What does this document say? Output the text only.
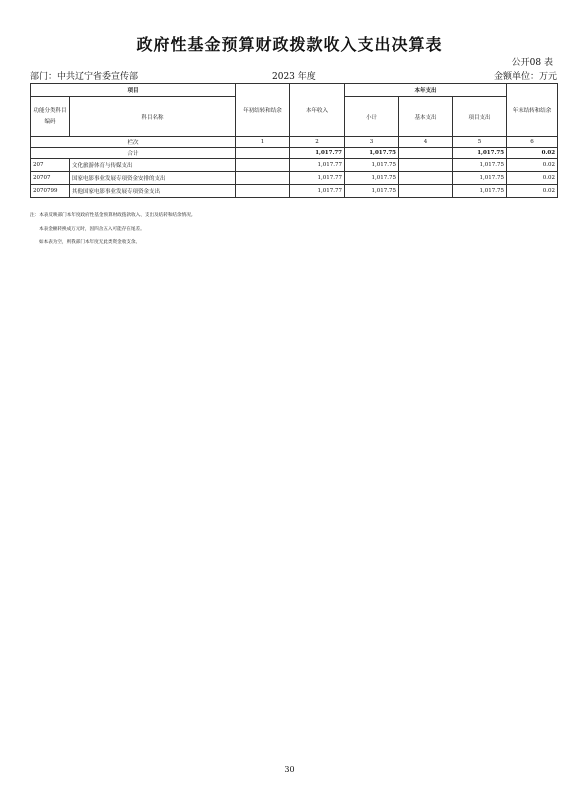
政府性基金预算财政拨款收入支出决算表
公开08 表
部门：中共辽宁省委宣传部	2023 年度	金额单位：万元
项目		年初结转和结余	本年收入	本年支出			年末结转和结余
功能分类科目编码	科目名称			小计	基本支出	项目支出	
栏次		1	2	3	4	5	6
合计			1,017.77	1,017.75		1,017.75	0.02
207	文化旅游体育与传媒支出		1,017.77	1,017.75		1,017.75	0.02
20707	国家电影事业发展专项资金安排的支出		1,017.77	1,017.75		1,017.75	0.02
2070799	其他国家电影事业发展专项资金支出		1,017.77	1,017.75		1,017.75	0.02
注：本表反映部门本年度政府性基金预算财政拨款收入、支出及结转和结余情况。
本表金额转换成万元时，因四舍五入可能存在尾差。
如本表为空，则我部门本年度无此类资金收支余。
30
